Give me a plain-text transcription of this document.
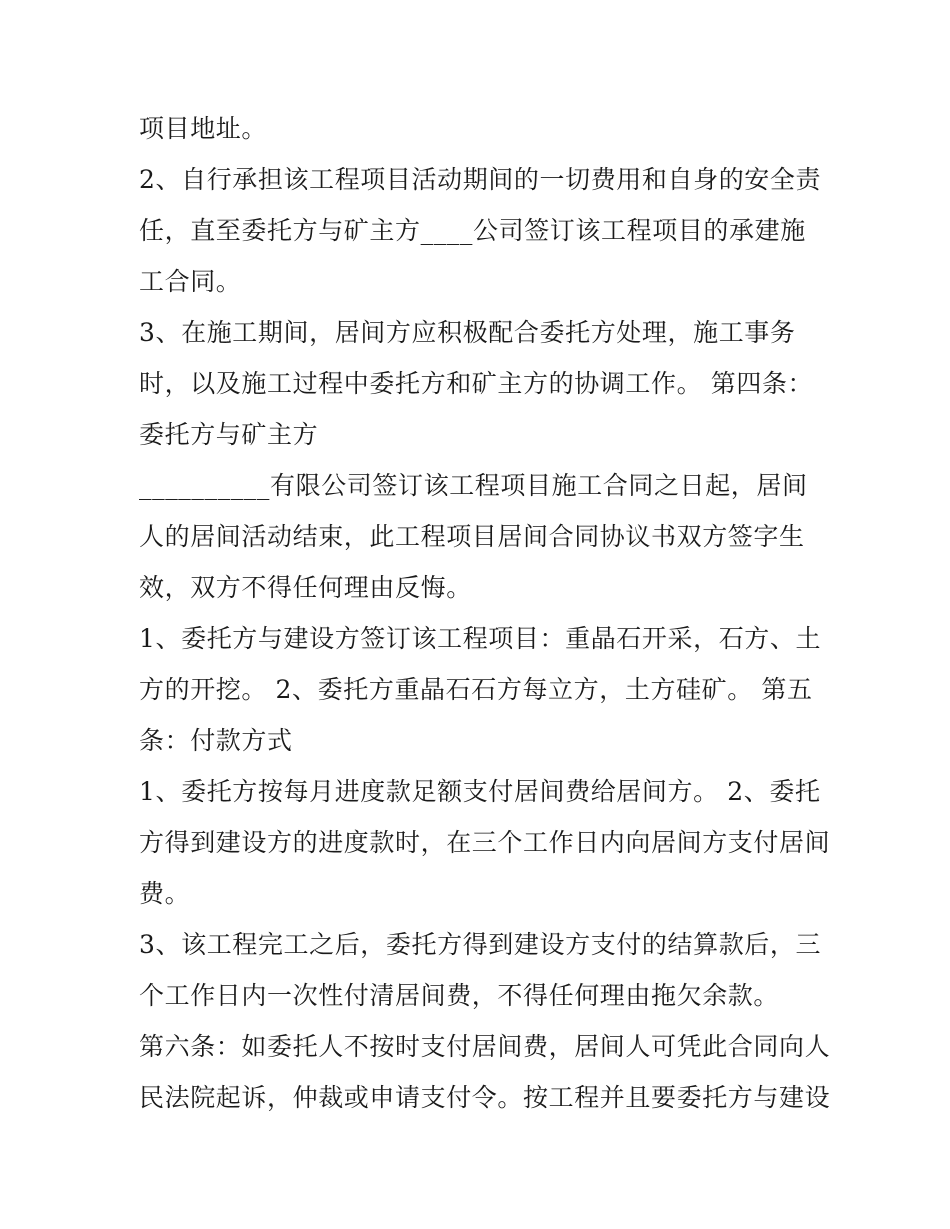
项目地址。
2、自行承担该工程项目活动期间的一切费用和自身的安全责
任，直至委托方与矿主方____公司签订该工程项目的承建施
工合同。
3、在施工期间，居间方应积极配合委托方处理，施工事务
时，以及施工过程中委托方和矿主方的协调工作。 第四条：
委托方与矿主方
__________有限公司签订该工程项目施工合同之日起，居间
人的居间活动结束，此工程项目居间合同协议书双方签字生
效，双方不得任何理由反悔。
1、委托方与建设方签订该工程项目：重晶石开采，石方、土
方的开挖。 2、委托方重晶石石方每立方，土方硅矿。 第五
条：付款方式
1、委托方按每月进度款足额支付居间费给居间方。 2、委托
方得到建设方的进度款时，在三个工作日内向居间方支付居间
费。
3、该工程完工之后，委托方得到建设方支付的结算款后，三
个工作日内一次性付清居间费，不得任何理由拖欠余款。
第六条：如委托人不按时支付居间费，居间人可凭此合同向人
民法院起诉，仲裁或申请支付令。按工程并且要委托方与建设
